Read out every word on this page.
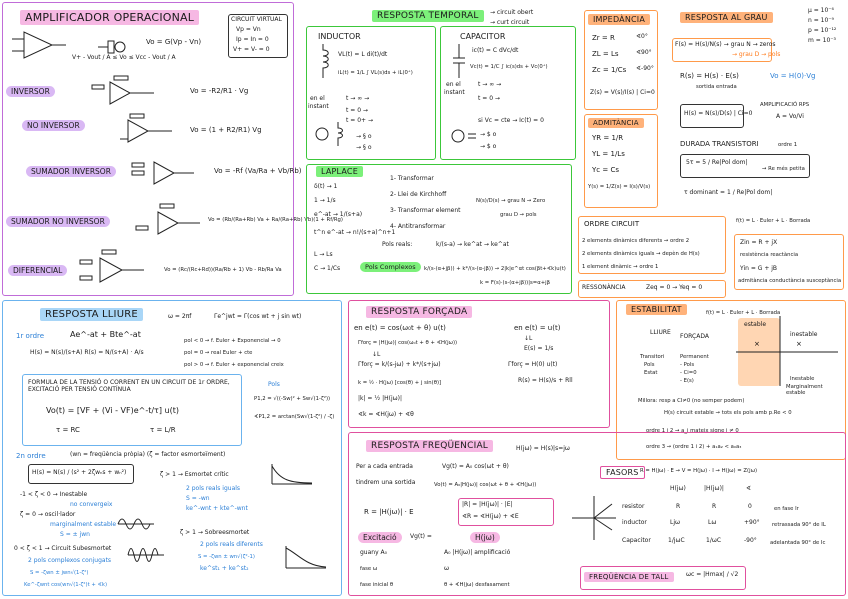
AMPLIFICADOR OPERACIONAL	CIRCUIT VIRTUAL
Vp = Vn
Ip = In = 0
V+ = V- = 0
Vo = G(Vp - Vn)
V+ - Vout / A ≤ Vo ≤ Vcc - Vout / A
INVERSOR	Vo = -R2/R1 · Vg
NO INVERSOR	Vo = (1 + R2/R1) Vg
SUMADOR INVERSOR	Vo = -Rf (Va/Ra + Vb/Rb)
SUMADOR NO INVERSOR	Vo = (Rb/(Ra+Rb) Va + Ra/(Ra+Rb) Vb)(1 + Rf/Rg)
DIFERENCIAL	Vo = (Rc/(Rc+Rd))(Ra/Rb + 1) Vb - Rb/Ra Va
RESPOSTA TEMPORAL	→ circuit obert
→ curt circuit
INDUCTOR
VL(t) = L di(t)/dt
iL(t) = 1/L ∫ VL(s)ds + iL(0⁺)
en el
instant
t → ∞ →
t = 0 →
t = 0+ →
→ § o
→ § o
CAPACITOR
ic(t) = C dVc/dt
Vc(t) = 1/C ∫ ic(s)ds + Vc(0⁺)
en el
instant
t → ∞ →
t = 0 →
si Vc = cte → Ic(t) = 0
→ $ o
→ $ o
LAPLACE
δ(t) → 1
1 → 1/s
e^-at → 1/(s+a)
t^n e^-at → n!/(s+a)^n+1
L → Ls
C → 1/Cs
1- Transformar
2- Llei de Kirchhoff
3- Transformar element
4- Antitransformar
N(s)/D(s) → grau N → Zero
grau D → pols
Pols reals:	k/(s-a) → ke^at → ke^at
Pols Complexos	k/(s-(α+jβ)) + k*/(s-(α-jβ)) → 2|k|e^αt cos(βt+∢k)u(t)
k = F(s)·(s-(α+jβ))|s=α+jβ
IMPEDÀNCIA
Zr = R	∢0°
ZL = Ls	∢90°
Zc = 1/Cs ∢-90°
Z(s) = V(s)/I(s) | Ci=0
ADMITÀNCIA
YR = 1/R
YL = 1/Ls
Yc = Cs
Y(s) = 1/Z(s) = I(s)/V(s)
RESPOSTA AL GRAU
μ = 10⁻⁶
n = 10⁻⁹
p = 10⁻¹²
m = 10⁻³
F(s) = H(s)/N(s) → grau N → zeros
→ grau D → pols
R(s) = H(s) · E(s)
sortida entrada
Vo = H(0)·Vg
H(s) = N(s)/D(s) | Ci=0
AMPLIFICACIÓ RPS
A = Vo/Vi
DURADA TRANSISTORI	ordre 1
5τ = 5 / Re|Pol dom|
→ Re més petita
τ dominant = 1 / Re|Pol dom|
ORDRE CIRCUIT
2 elements dinàmics diferents → ordre 2
2 elements dinàmics iguals → depèn de H(s)
1 element dinàmic → ordre 1
RESSONÀNCIA	Zeq = 0 → Yeq = 0
f(t) = L · Euler + L · Borrada
Zin = R + jX
resistència reactància
Yin = G + jB
admitància conductància susceptància
RESPOSTA LLIURE	ω = 2πf	Γe^jwt = Γ(cos wt + j sin wt)
1r ordre	Ae^-at + Bte^-at
H(s) = N(s)/(s+A) R(s) = N/(s+A) · A/s
pol < 0 → f. Euler + Exponencial → 0
pol = 0 → real Euler + cte
pol > 0 → f. Euler + exponencial creix
FORMULA DE LA TENSIÓ O CORRENT EN UN CIRCUIT DE 1r ORDRE, EXCITACIÓ PER TENSIÓ CONTÍNUA
Vo(t) = [VF + (Vi - VF)e^-t/τ] u(t)
τ = RC	τ = L/R
Pols
P1,2 = √((-Sw)² + Sw√(1-ζ²))
∢P1,2 = arctan(Sw√(1-ζ²) / -ζ)
2n ordre	(wn = freqüència pròpia) (ζ = factor esmorteïment)
H(s) = N(s) / (s² + 2ζwₙs + wₙ²)	ζ > 1 → Esmortet crític
2 pols reals iguals
S = -wn
ke^-wnt + kte^-wnt
-1 < ζ < 0 → Inestable
no convergeix
ζ = 0 → oscil·lador
marginalment estable
S = ± jwn	ζ > 1 → Sobreesmortet
2 pols reals diferents
S = -ζwn ± wn√(ζ²-1)
ke^st₁ + ke^st₂
0 < ζ < 1 → Circuit Subesmortet
2 pols complexos conjugats
S = -ζwn ± jwn√(1-ζ²)
Ke^-ζwnt cos(wn√(1-ζ²)t + ∢k)
RESPOSTA FORÇADA
en e(t) = cos(ω₀t + θ) u(t)	en e(t) = u(t)
Γforç = |H(jω)| cos(ω₀t + θ + ∢H(jω))
↓L
↓L
Γforç = k/(s-jω) + k*/(s+jω)
E(s) = 1/s
k = ½ · H(jω) [cos(θ) + j sin(θ)]
Γforç = H(0) u(t)
|k| = ½ |H(jω)|
R(s) = H(s)/s + Rll
∢k = ∢H(jω) + ∢θ
ESTABILITAT	f(t) = L · Euler + L · Borrada
LLIURE
FORÇADA
Transitori
Pols
Estat
Permanent
- Pols
- Ci=0
- E(s)
×	×
estable
inestable
Inestable
Marginalment estable
Millora: resp a CI≠0 (no semper podem)
H(s) circuit estable → tots els pols amb p.Re < 0
ordre 1 i 2 → a_i mateix signe i ≠ 0
ordre 3 → (ordre 1 i 2) + a₁a₂ < a₀a₃
RESPOSTA FREQÜENCIAL	H(jω) = H(s)|s=jω
Per a cada entrada	Vg(t) = A₀ cos(ωt + θ)
tindrem una sortida	Vo(t) = A₀|H(jω)| cos(ωt + θ + ∢H(jω))
R = |H(jω)| · E
|R| = |H(jω)| · |E|
∢R = ∢H(jω) + ∢E
Excitació	Vg(t) =	H(jω)
guany A₀	A₀ |H(jω)| amplificació
fase ω	ω
fase inicial θ	θ + ∢H(jω) desfasament
FASORS R = H(jω) · E → V = H(jω) · I → H(jω) = Z(jω)
H(jω)	|H(jω)|	∢
resistor	R	R	0	en fase Ir
inductor	Ljω	Lω	+90° retrassada 90° de IL
Capacitor	1/jωC	1/ωC	-90° adelantada 90° de Ic
FREQÜÈNCIA DE TALL	ωc = |Hmax| / √2
